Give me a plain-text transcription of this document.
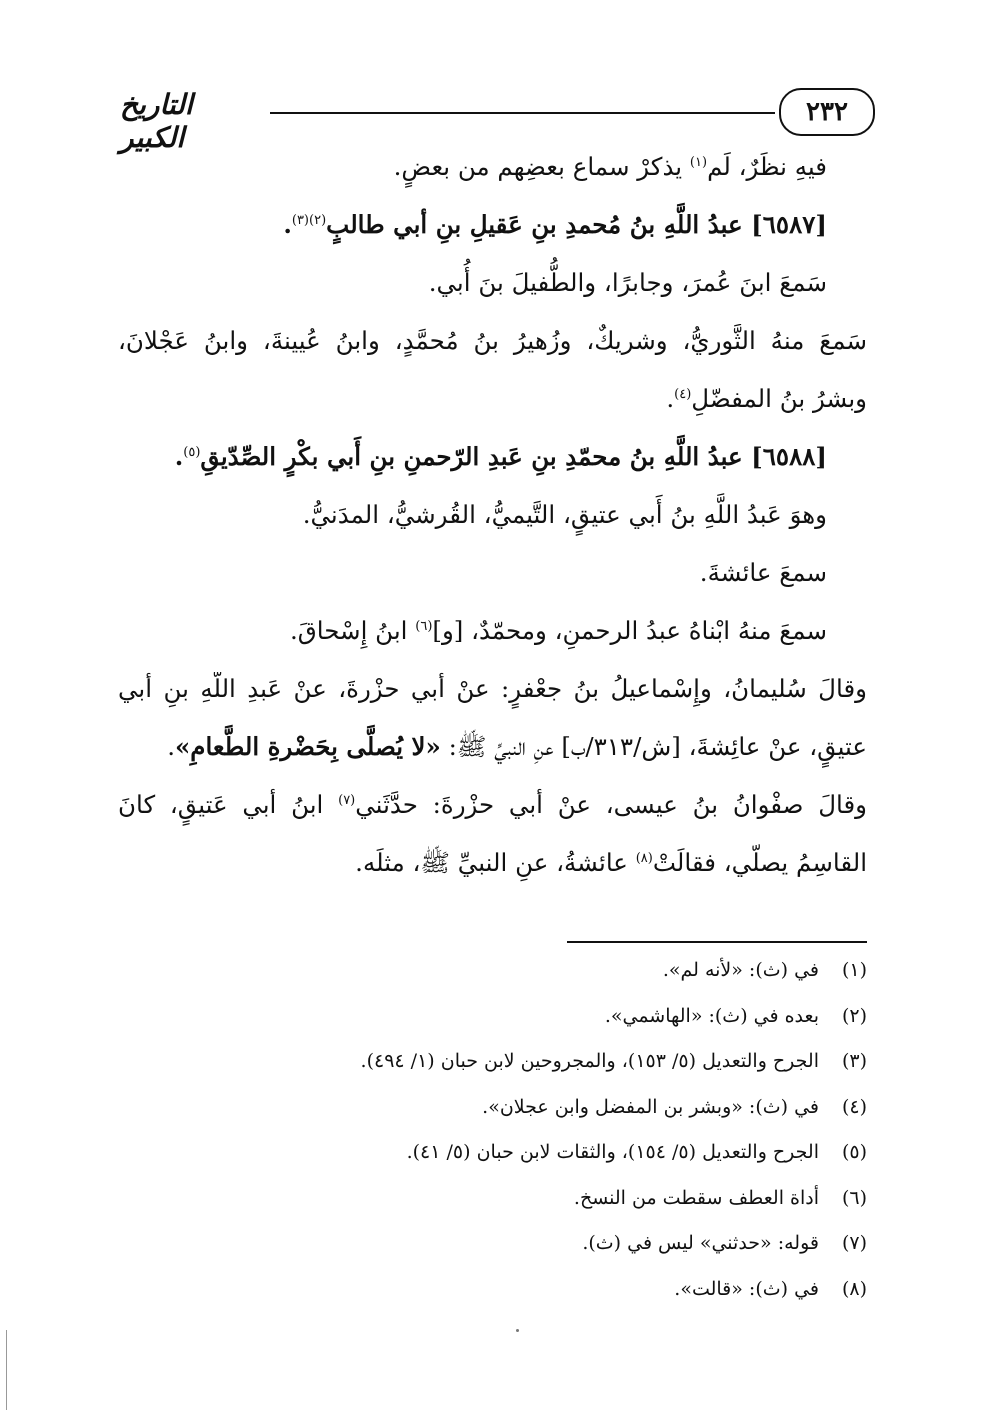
٢٣٢
التاريخ الكبير
فيهِ نظَرٌ، لَم$^{(١)}$ يذكرْ سماع بعضِهم من بعضٍ.
[٦٥٨٧] عبدُ اللَّهِ بنُ مُحمدِ بنِ عَقيلِ بنِ أبي طالبٍ$^{(٢)(٣)}$.
سَمعَ ابنَ عُمرَ، وجابرًا، والطُّفيلَ بنَ أُبي.
سَمعَ منهُ الثَّوريُّ، وشريكٌ، وزُهيرُ بنُ مُحمَّدٍ، وابنُ عُيينةَ، وابنُ عَجْلانَ،
وبشرُ بنُ المفضّلِ$^{(٤)}$.
[٦٥٨٨] عبدُ اللَّهِ بنُ محمّدِ بنِ عَبدِ الرّحمنِ بنِ أَبي بكْرٍ الصِّدّيقِ$^{(٥)}$.
وهوَ عَبدُ اللَّهِ بنُ أَبي عتيقٍ، التَّيميُّ، القُرشيُّ، المدَنيُّ.
سمعَ عائشةَ.
سمعَ منهُ ابْناهُ عبدُ الرحمنِ، ومحمّدٌ، [و]$^{(٦)}$ ابنُ إِسْحاقَ.
وقالَ سُليمانُ، وإِسْماعيلُ بنُ جعْفرٍ: عنْ أَبي حزْرةَ، عنْ عَبدِ اللَّهِ بنِ أَبي
عتيقٍ، عنْ عائِشةَ، [ش/٣١٣/ب] عنِ النبيِّ ﷺ: «لا يُصلَّى بِحَضْرةِ الطَّعامِ».
وقالَ صفْوانُ بنُ عيسى، عنْ أَبي حزْرةَ: حدَّثَني$^{(٧)}$ ابنُ أَبي عَتيقٍ، كانَ
القاسِمُ يصلّي، فقالَتْ$^{(٨)}$ عائشةُ، عنِ النبيِّ ﷺ، مثلَه.
(١)
في (ث): «لأنه لم».
(٢)
بعده في (ث): «الهاشمي».
(٣)
الجرح والتعديل (٥/ ١٥٣)، والمجروحين لابن حبان (١/ ٤٩٤).
(٤)
في (ث): «وبشر بن المفضل وابن عجلان».
(٥)
الجرح والتعديل (٥/ ١٥٤)، والثقات لابن حبان (٥/ ٤١).
(٦)
أداة العطف سقطت من النسخ.
(٧)
قوله: «حدثني» ليس في (ث).
(٨)
في (ث): «قالت».
